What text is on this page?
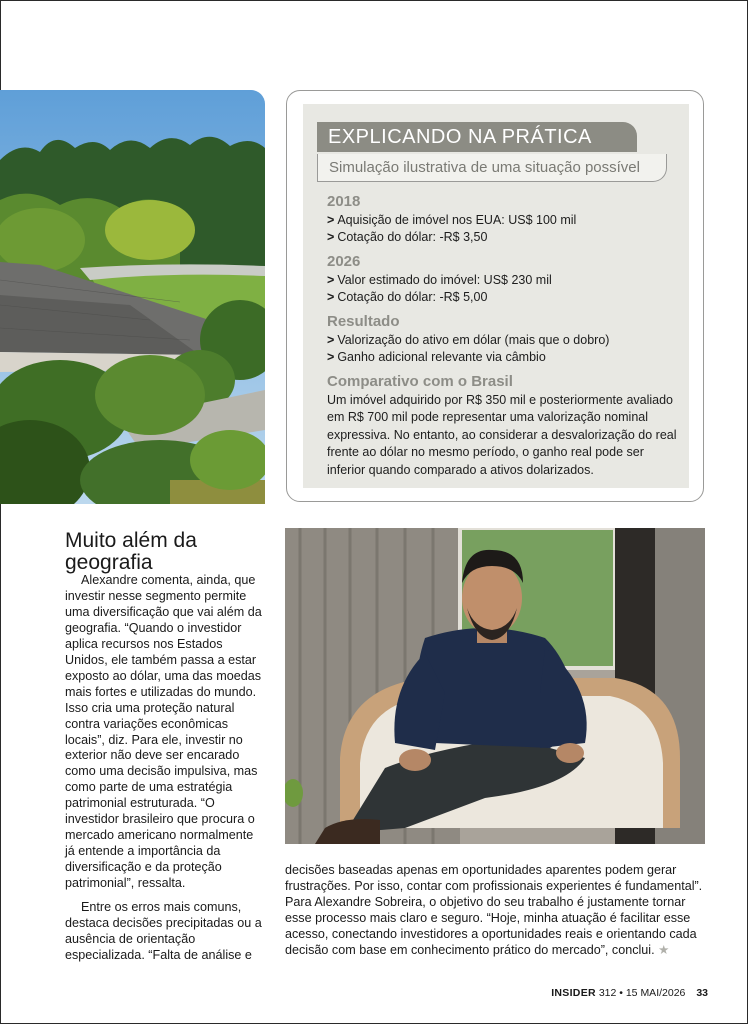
EXPLICANDO NA PRÁTICA
Simulação ilustrativa de uma situação possível

2018

> Aquisição de imóvel nos EUA: US$ 100 mil

> Cotação do dólar: -R$ 3,50

2026

> Valor estimado do imóvel: US$ 230 mil

> Cotação do dólar: -R$ 5,00

Resultado

> Valorização do ativo em dólar (mais que o dobro)

> Ganho adicional relevante via câmbio

Comparativo com o Brasil

Um imóvel adquirido por R$ 350 mil e posteriormente avaliado em R$ 700 mil pode representar uma valorização nominal expressiva. No entanto, ao considerar a desvalorização do real frente ao dólar no mesmo período, o ganho real pode ser inferior quando comparado a ativos dolarizados.

Muito além da geografia

Alexandre comenta, ainda, que investir nesse segmento permite uma diversificação que vai além da geografia. “Quando o investidor aplica recursos nos Estados Unidos, ele também passa a estar exposto ao dólar, uma das moedas mais fortes e utilizadas do mundo. Isso cria uma proteção natural contra variações econômicas locais”, diz. Para ele, investir no exterior não deve ser encarado como uma decisão impulsiva, mas como parte de uma estratégia patrimonial estruturada. “O investidor brasileiro que procura o mercado americano normalmente já entende a importância da diversificação e da proteção patrimonial”, ressalta.

Entre os erros mais comuns, destaca decisões precipitadas ou a ausência de orientação especializada. “Falta de análise e

decisões baseadas apenas em oportunidades aparentes podem gerar frustrações. Por isso, contar com profissionais experientes é fundamental”. Para Alexandre Sobreira, o objetivo do seu trabalho é justamente tornar esse processo mais claro e seguro. “Hoje, minha atuação é facilitar esse acesso, conectando investidores a oportunidades reais e orientando cada decisão com base em conhecimento prático do mercado”, conclui. ★

INSIDER 312 • 15 MAI/2026 33
